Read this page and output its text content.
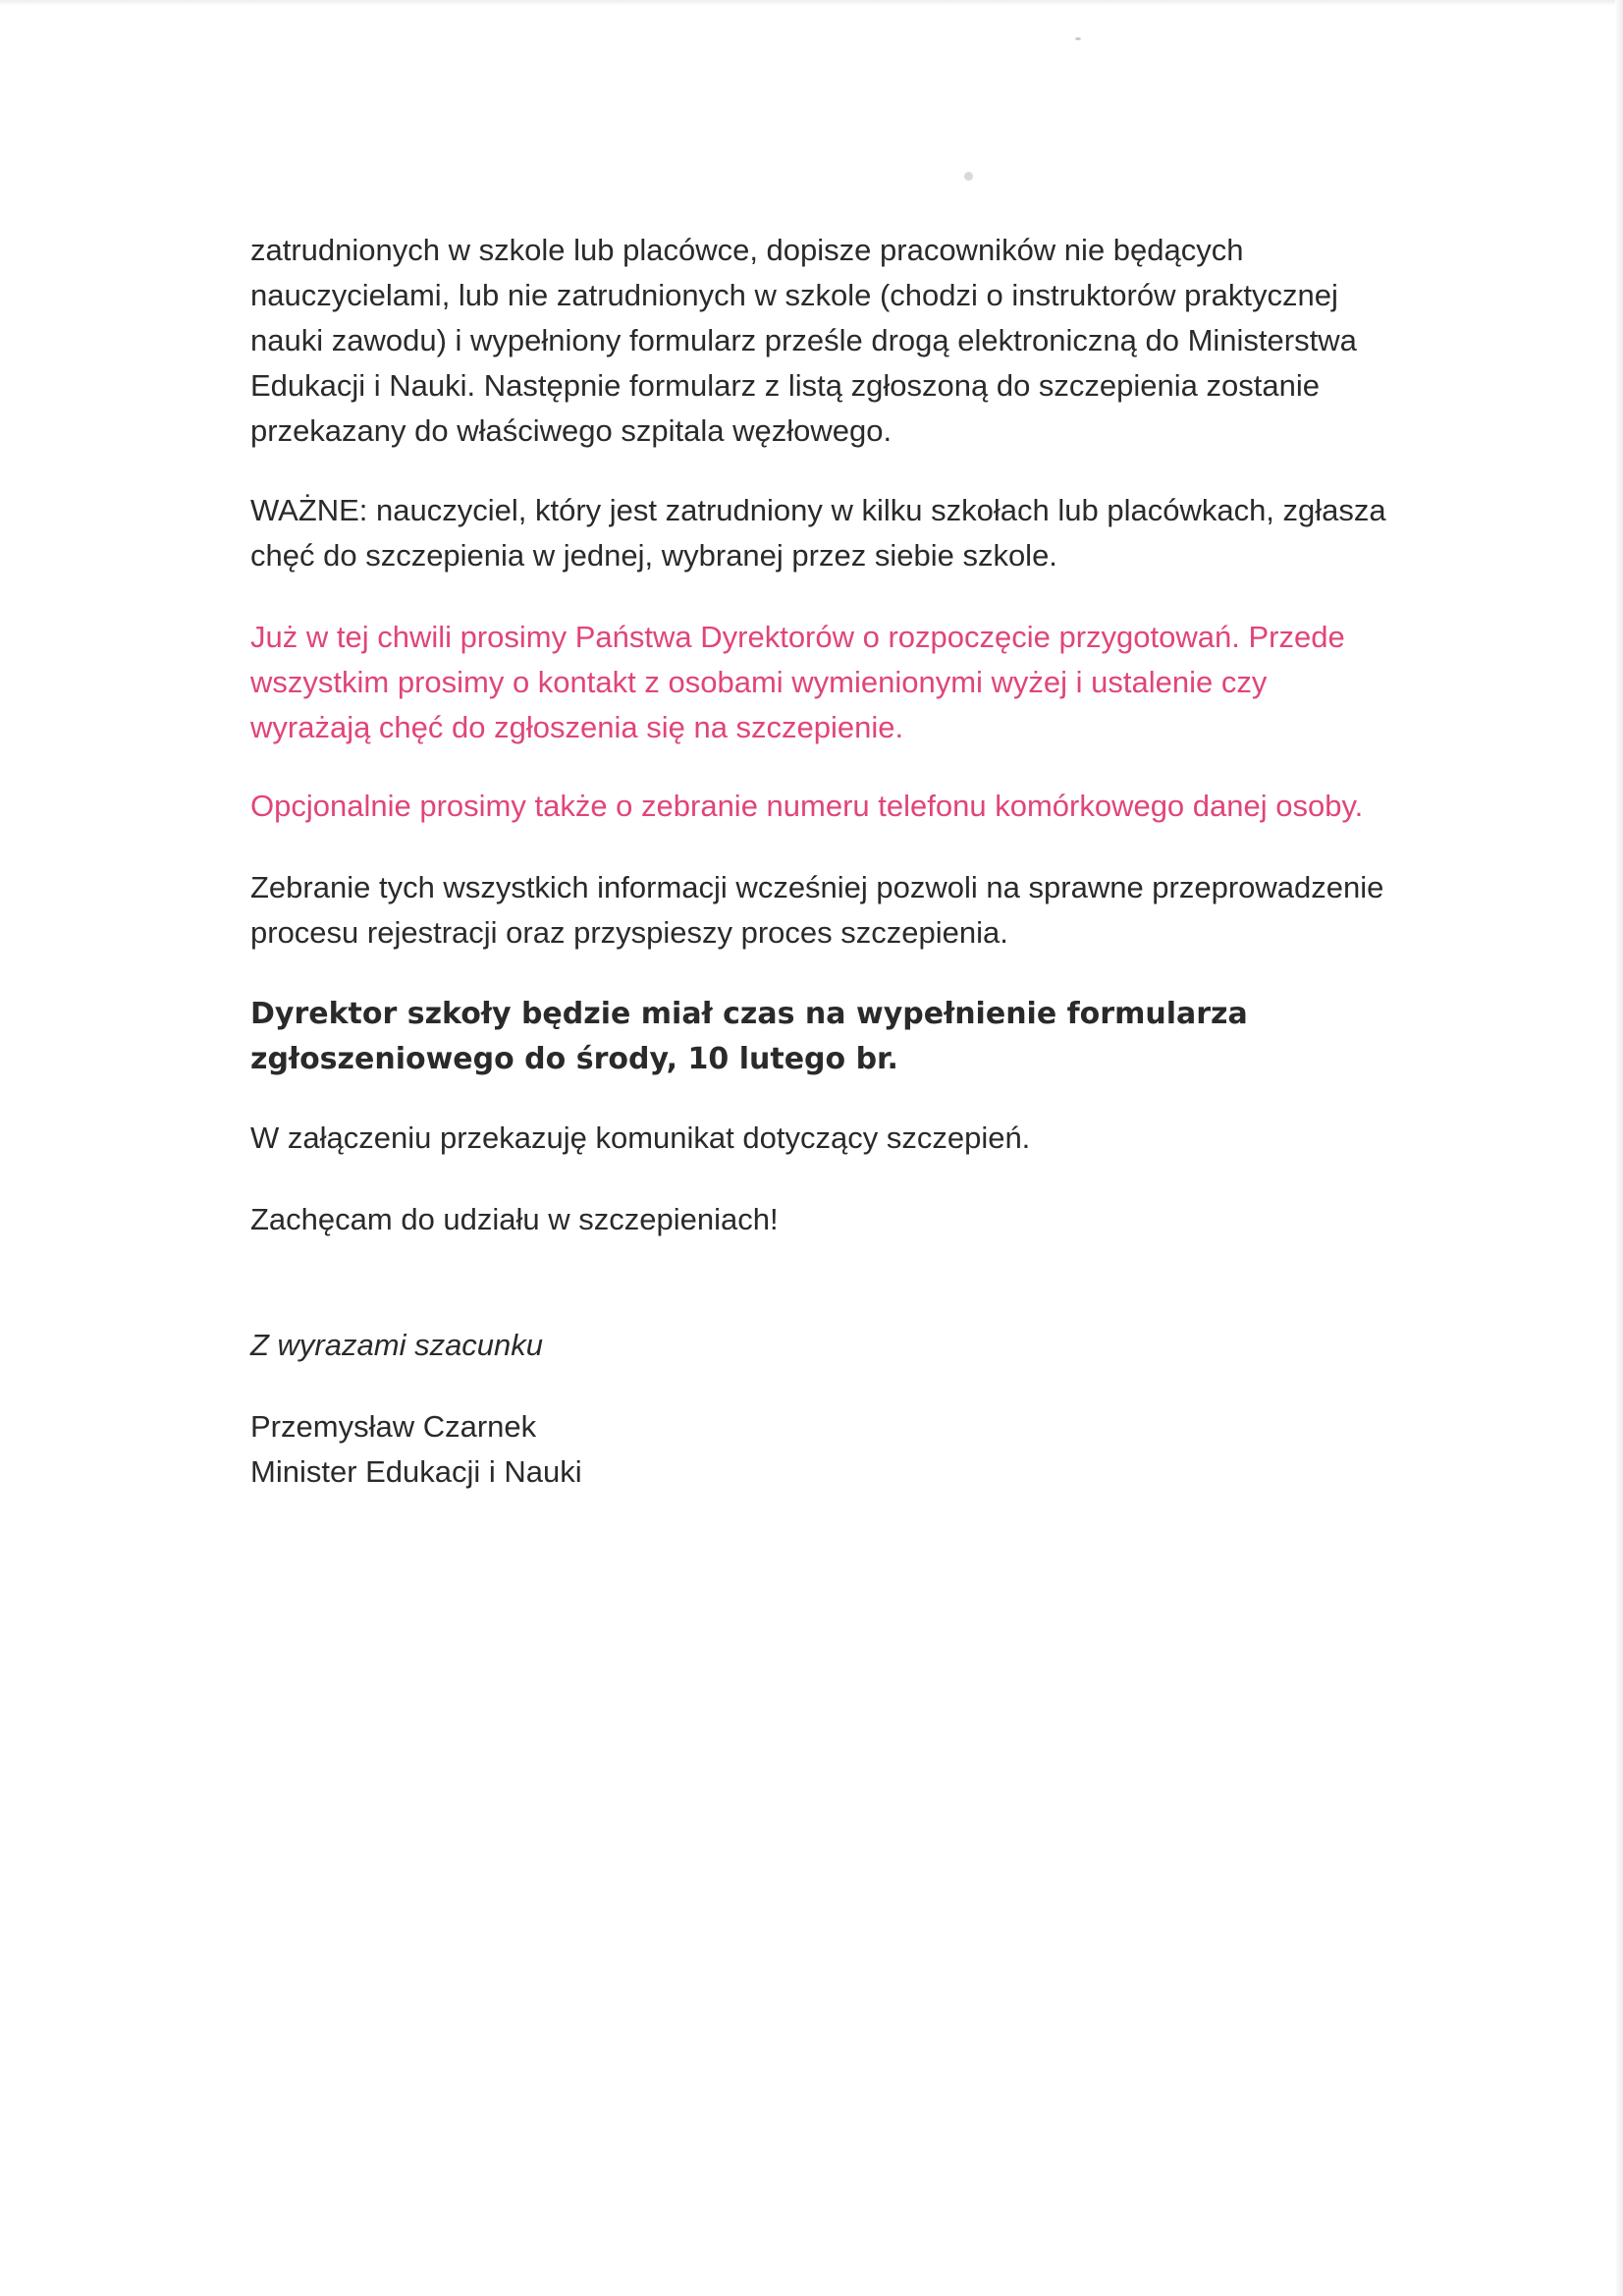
zatrudnionych w szkole lub placówce, dopisze pracowników nie będących
nauczycielami, lub nie zatrudnionych w szkole (chodzi o instruktorów praktycznej
nauki zawodu) i wypełniony formularz prześle drogą elektroniczną do Ministerstwa
Edukacji i Nauki. Następnie formularz z listą zgłoszoną do szczepienia zostanie
przekazany do właściwego szpitala węzłowego.

WAŻNE: nauczyciel, który jest zatrudniony w kilku szkołach lub placówkach, zgłasza
chęć do szczepienia w jednej, wybranej przez siebie szkole.

Już w tej chwili prosimy Państwa Dyrektorów o rozpoczęcie przygotowań. Przede
wszystkim prosimy o kontakt z osobami wymienionymi wyżej i ustalenie czy
wyrażają chęć do zgłoszenia się na szczepienie.

Opcjonalnie prosimy także o zebranie numeru telefonu komórkowego danej osoby.

Zebranie tych wszystkich informacji wcześniej pozwoli na sprawne przeprowadzenie
procesu rejestracji oraz przyspieszy proces szczepienia.

Dyrektor szkoły będzie miał czas na wypełnienie formularza
zgłoszeniowego do środy, 10 lutego br.

W załączeniu przekazuję komunikat dotyczący szczepień.

Zachęcam do udziału w szczepieniach!

Z wyrazami szacunku

Przemysław Czarnek
Minister Edukacji i Nauki
